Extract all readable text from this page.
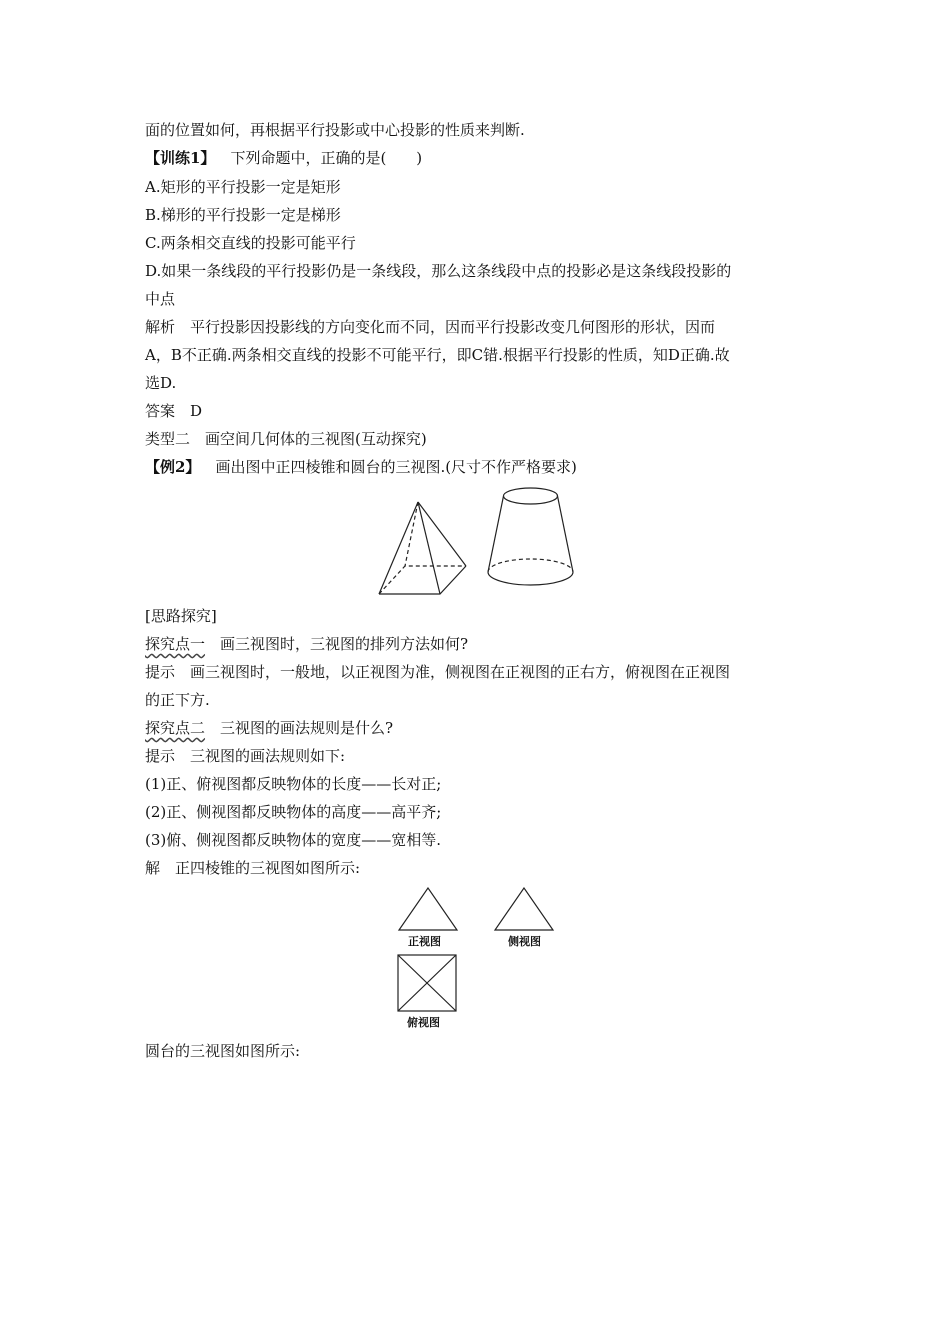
面的位置如何，再根据平行投影或中心投影的性质来判断.
【训练1】  下列命题中，正确的是(　　)
A.矩形的平行投影一定是矩形
B.梯形的平行投影一定是梯形
C.两条相交直线的投影可能平行
D.如果一条线段的平行投影仍是一条线段，那么这条线段中点的投影必是这条线段投影的
中点
解析　平行投影因投影线的方向变化而不同，因而平行投影改变几何图形的形状，因而
A，B不正确.两条相交直线的投影不可能平行，即C错.根据平行投影的性质，知D正确.故
选D.
答案　D
类型二　画空间几何体的三视图(互动探究)
【例2】  画出图中正四棱锥和圆台的三视图.(尺寸不作严格要求)
[思路探究]
探究点一  画三视图时，三视图的排列方法如何?
提示　画三视图时，一般地，以正视图为准，侧视图在正视图的正右方，俯视图在正视图
的正下方.
探究点二  三视图的画法规则是什么?
提示　三视图的画法规则如下:
(1)正、俯视图都反映物体的长度——长对正;
(2)正、侧视图都反映物体的高度——高平齐;
(3)俯、侧视图都反映物体的宽度——宽相等.
解　正四棱锥的三视图如图所示:
正视图	侧视图
俯视图
圆台的三视图如图所示:
